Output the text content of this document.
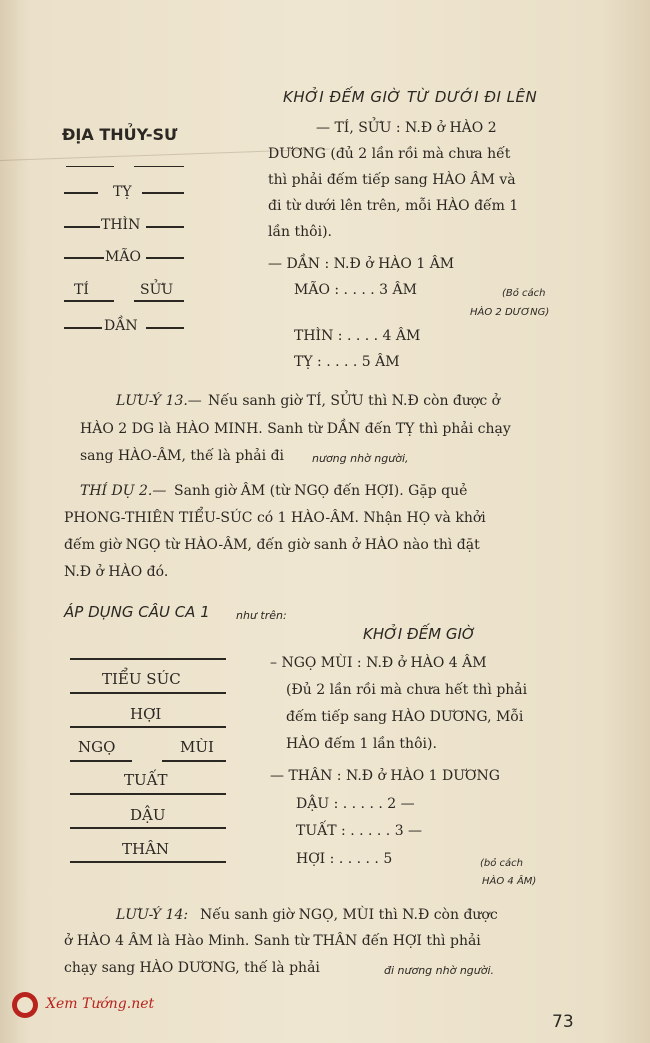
KHỞI ĐẾM GIỜ TỪ DƯỚI ĐI LÊN
ĐỊA THỦY-SƯ	— TÍ, SỬU : N.Đ ở HÀO 2
DƯƠNG (đủ 2 lần rồi mà chưa hết
thì phải đếm tiếp sang HÀO ÂM và
đi từ dưới lên trên, mỗi HÀO đếm 1
lần thôi).
— DẦN : N.Đ ở HÀO 1 ÂM
MÃO : . . . . 3 ÂM	(Bỏ cách
HÀO 2 DƯƠNG)
THÌN : . . . . 4 ÂM
TỴ : . . . . 5 ÂM
TỴ
THÌN
MÃO
TÍ	SỬU
DẦN
LƯU-Ý 13.— Nếu sanh giờ TÍ, SỬU thì N.Đ còn được ở
HÀO 2 DG là HÀO MINH. Sanh từ DẦN đến TỴ thì phải chạy
sang HÀO-ÂM, thế là phải đi	nương nhờ người,
THÍ DỤ 2.— Sanh giờ ÂM (từ NGỌ đến HỢI). Gặp quẻ
PHONG-THIÊN TIỂU-SÚC có 1 HÀO-ÂM. Nhận HỌ và khởi
đếm giờ NGỌ từ HÀO-ÂM, đến giờ sanh ở HÀO nào thì đặt
N.Đ ở HÀO đó.
ÁP DỤNG CÂU CA 1 như trên:
KHỞI ĐẾM GIỜ
– NGỌ MÙI : N.Đ ở HÀO 4 ÂM
(Đủ 2 lần rồi mà chưa hết thì phải
đếm tiếp sang HÀO DƯƠNG, Mỗi
HÀO đếm 1 lần thôi).
— THÂN : N.Đ ở HÀO 1 DƯƠNG
DẬU : . . . . . 2 —
TUẤT : . . . . . 3 —
HỢI : . . . . . 5	(bỏ cách
HÀO 4 ÂM)
TIỂU SÚC
HỢI
NGỌ	MÙI
TUẤT
DẬU
THÂN
LƯU-Ý 14: Nếu sanh giờ NGỌ, MÙI thì N.Đ còn được
ở HÀO 4 ÂM là Hào Minh. Sanh từ THÂN đến HỢI thì phải
chạy sang HÀO DƯƠNG, thế là phải	đi nương nhờ người.
Xem Tướng.net
73
